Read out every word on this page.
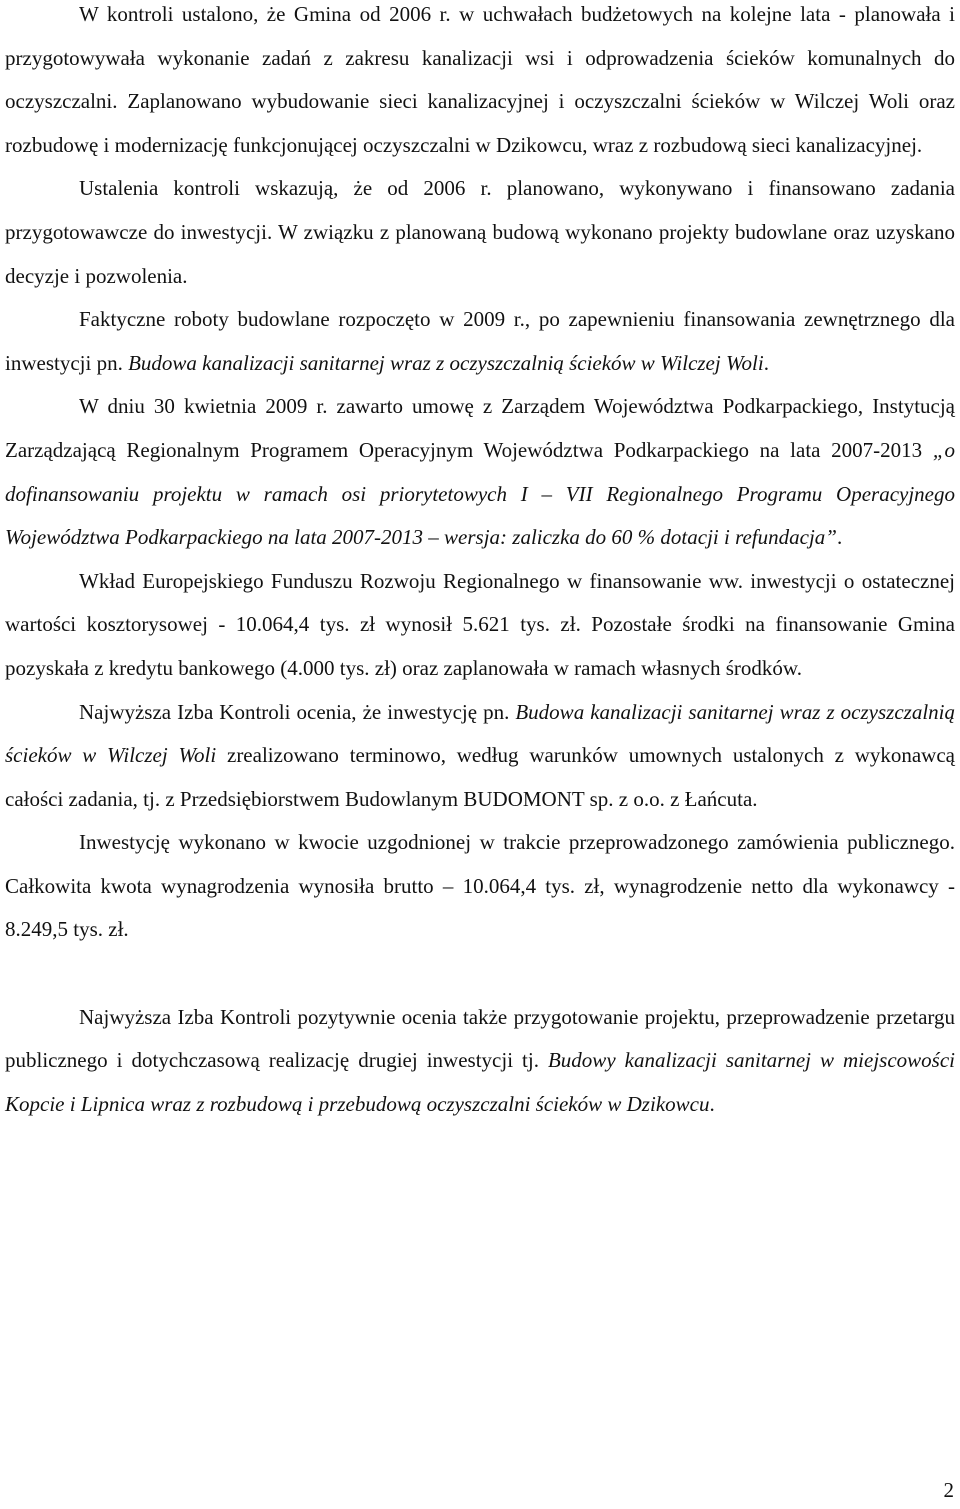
W kontroli ustalono, że Gmina od 2006 r. w uchwałach budżetowych na kolejne lata - planowała i przygotowywała wykonanie zadań z zakresu kanalizacji wsi i odprowadzenia ścieków komunalnych do oczyszczalni. Zaplanowano wybudowanie sieci kanalizacyjnej i oczyszczalni ścieków w Wilczej Woli oraz rozbudowę i modernizację funkcjonującej oczyszczalni w Dzikowcu, wraz z rozbudową sieci kanalizacyjnej.

Ustalenia kontroli wskazują, że od 2006 r. planowano, wykonywano i finansowano zadania przygotowawcze do inwestycji. W związku z planowaną budową wykonano projekty budowlane oraz uzyskano decyzje i pozwolenia.

Faktyczne roboty budowlane rozpoczęto w 2009 r., po zapewnieniu finansowania zewnętrznego dla inwestycji pn. Budowa kanalizacji sanitarnej wraz z oczyszczalnią ścieków w Wilczej Woli.

W dniu 30 kwietnia 2009 r. zawarto umowę z Zarządem Województwa Podkarpackiego, Instytucją Zarządzającą Regionalnym Programem Operacyjnym Województwa Podkarpackiego na lata 2007-2013 „o dofinansowaniu projektu w ramach osi priorytetowych I – VII Regionalnego Programu Operacyjnego Województwa Podkarpackiego na lata 2007-2013 – wersja: zaliczka do 60 % dotacji i refundacja”.

Wkład Europejskiego Funduszu Rozwoju Regionalnego w finansowanie ww. inwestycji o ostatecznej wartości kosztorysowej - 10.064,4 tys. zł wynosił 5.621 tys. zł. Pozostałe środki na finansowanie Gmina pozyskała z kredytu bankowego (4.000 tys. zł) oraz zaplanowała w ramach własnych środków.

Najwyższa Izba Kontroli ocenia, że inwestycję pn. Budowa kanalizacji sanitarnej wraz z oczyszczalnią ścieków w Wilczej Woli zrealizowano terminowo, według warunków umownych ustalonych z wykonawcą całości zadania, tj. z Przedsiębiorstwem Budowlanym BUDOMONT sp. z o.o. z Łańcuta.

Inwestycję wykonano w kwocie uzgodnionej w trakcie przeprowadzonego zamówienia publicznego. Całkowita kwota wynagrodzenia wynosiła brutto – 10.064,4 tys. zł, wynagrodzenie netto dla wykonawcy - 8.249,5 tys. zł.

Najwyższa Izba Kontroli pozytywnie ocenia także przygotowanie projektu, przeprowadzenie przetargu publicznego i dotychczasową realizację drugiej inwestycji tj. Budowy kanalizacji sanitarnej w miejscowości Kopcie i Lipnica wraz z rozbudową i przebudową oczyszczalni ścieków w Dzikowcu.

2
